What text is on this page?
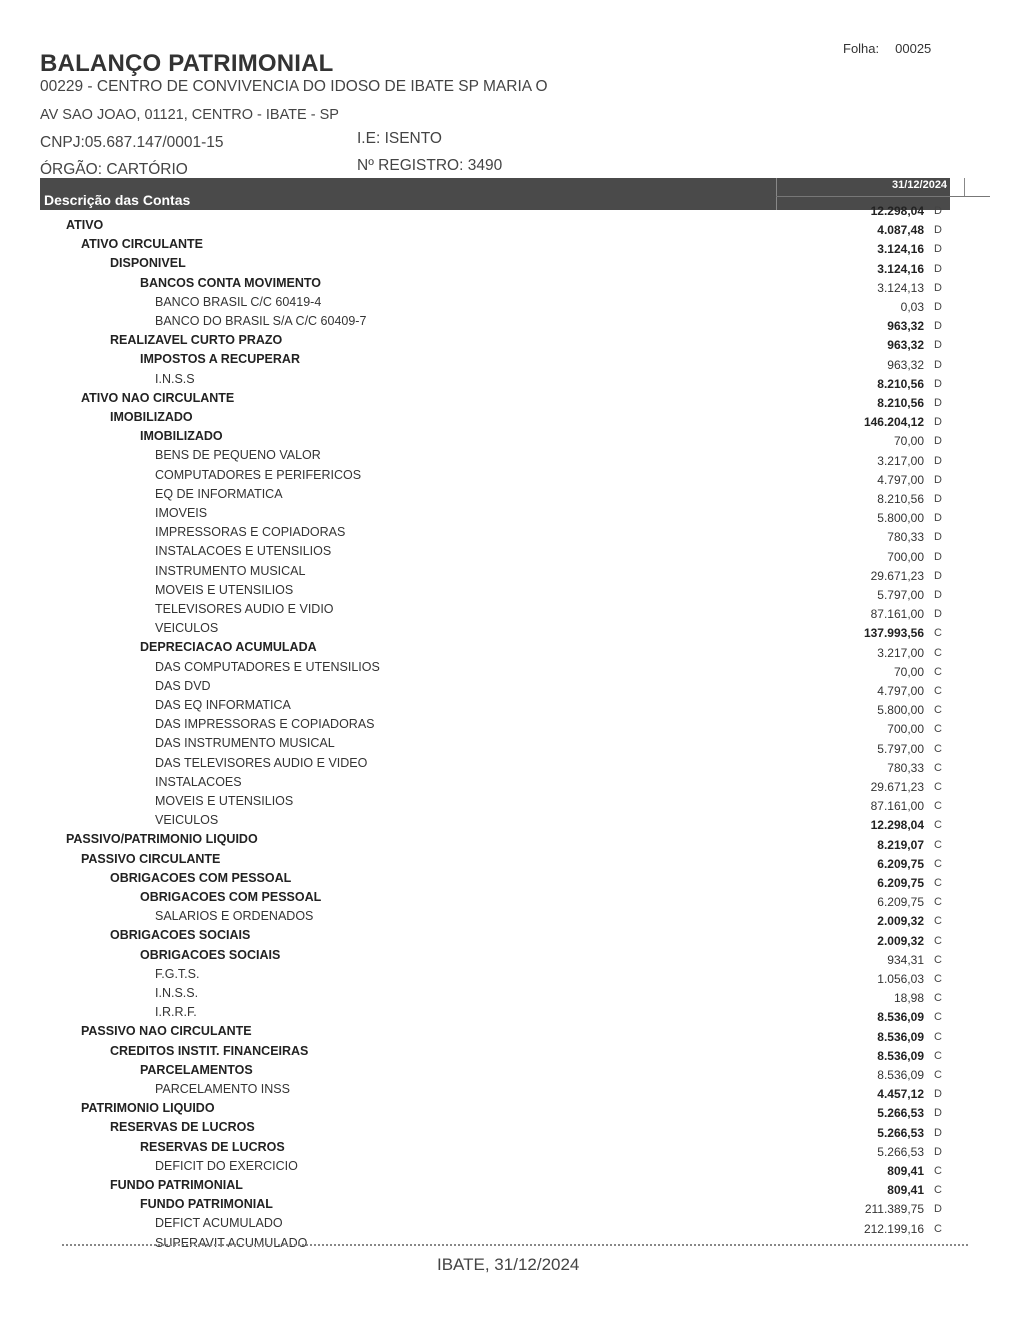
Folha: 00025
BALANÇO PATRIMONIAL
00229 - CENTRO DE CONVIVENCIA DO IDOSO DE IBATE SP MARIA O
AV SAO JOAO, 01121, CENTRO - IBATE - SP
CNPJ:05.687.147/0001-15	I.E: ISENTO
ÓRGÃO: CARTÓRIO	Nº REGISTRO: 3490
Descrição das Contas
31/12/2024 T
ATIVO
12.298,04 D
ATIVO CIRCULANTE
4.087,48 D
DISPONIVEL
3.124,16 D
BANCOS CONTA MOVIMENTO
3.124,16 D
BANCO BRASIL C/C 60419-4
3.124,13 D
BANCO DO BRASIL S/A C/C 60409-7
0,03 D
REALIZAVEL CURTO PRAZO
963,32 D
IMPOSTOS A RECUPERAR
963,32 D
I.N.S.S
963,32 D
ATIVO NAO CIRCULANTE
8.210,56 D
IMOBILIZADO
8.210,56 D
IMOBILIZADO
146.204,12 D
BENS DE PEQUENO VALOR
70,00 D
COMPUTADORES E PERIFERICOS
3.217,00 D
EQ DE INFORMATICA
4.797,00 D
IMOVEIS
8.210,56 D
IMPRESSORAS E COPIADORAS
5.800,00 D
INSTALACOES E UTENSILIOS
780,33 D
INSTRUMENTO MUSICAL
700,00 D
MOVEIS E UTENSILIOS
29.671,23 D
TELEVISORES AUDIO E VIDIO
5.797,00 D
VEICULOS
87.161,00 D
DEPRECIACAO ACUMULADA
137.993,56 C
DAS COMPUTADORES E UTENSILIOS
3.217,00 C
DAS DVD
70,00 C
DAS EQ INFORMATICA
4.797,00 C
DAS IMPRESSORAS E COPIADORAS
5.800,00 C
DAS INSTRUMENTO MUSICAL
700,00 C
DAS TELEVISORES AUDIO E VIDEO
5.797,00 C
INSTALACOES
780,33 C
MOVEIS E UTENSILIOS
29.671,23 C
VEICULOS
87.161,00 C
PASSIVO/PATRIMONIO LIQUIDO
12.298,04 C
PASSIVO CIRCULANTE
8.219,07 C
OBRIGACOES COM PESSOAL
6.209,75 C
OBRIGACOES COM PESSOAL
6.209,75 C
SALARIOS E ORDENADOS
6.209,75 C
OBRIGACOES SOCIAIS
2.009,32 C
OBRIGACOES SOCIAIS
2.009,32 C
F.G.T.S.
934,31 C
I.N.S.S.
1.056,03 C
I.R.R.F.
18,98 C
PASSIVO NAO CIRCULANTE
8.536,09 C
CREDITOS INSTIT. FINANCEIRAS
8.536,09 C
PARCELAMENTOS
8.536,09 C
PARCELAMENTO INSS
8.536,09 C
PATRIMONIO LIQUIDO
4.457,12 D
RESERVAS DE LUCROS
5.266,53 D
RESERVAS DE LUCROS
5.266,53 D
DEFICIT DO EXERCICIO
5.266,53 D
FUNDO PATRIMONIAL
809,41 C
FUNDO PATRIMONIAL
809,41 C
DEFICT ACUMULADO
211.389,75 D
SUPERAVIT ACUMULADO
212.199,16 C
IBATE, 31/12/2024
